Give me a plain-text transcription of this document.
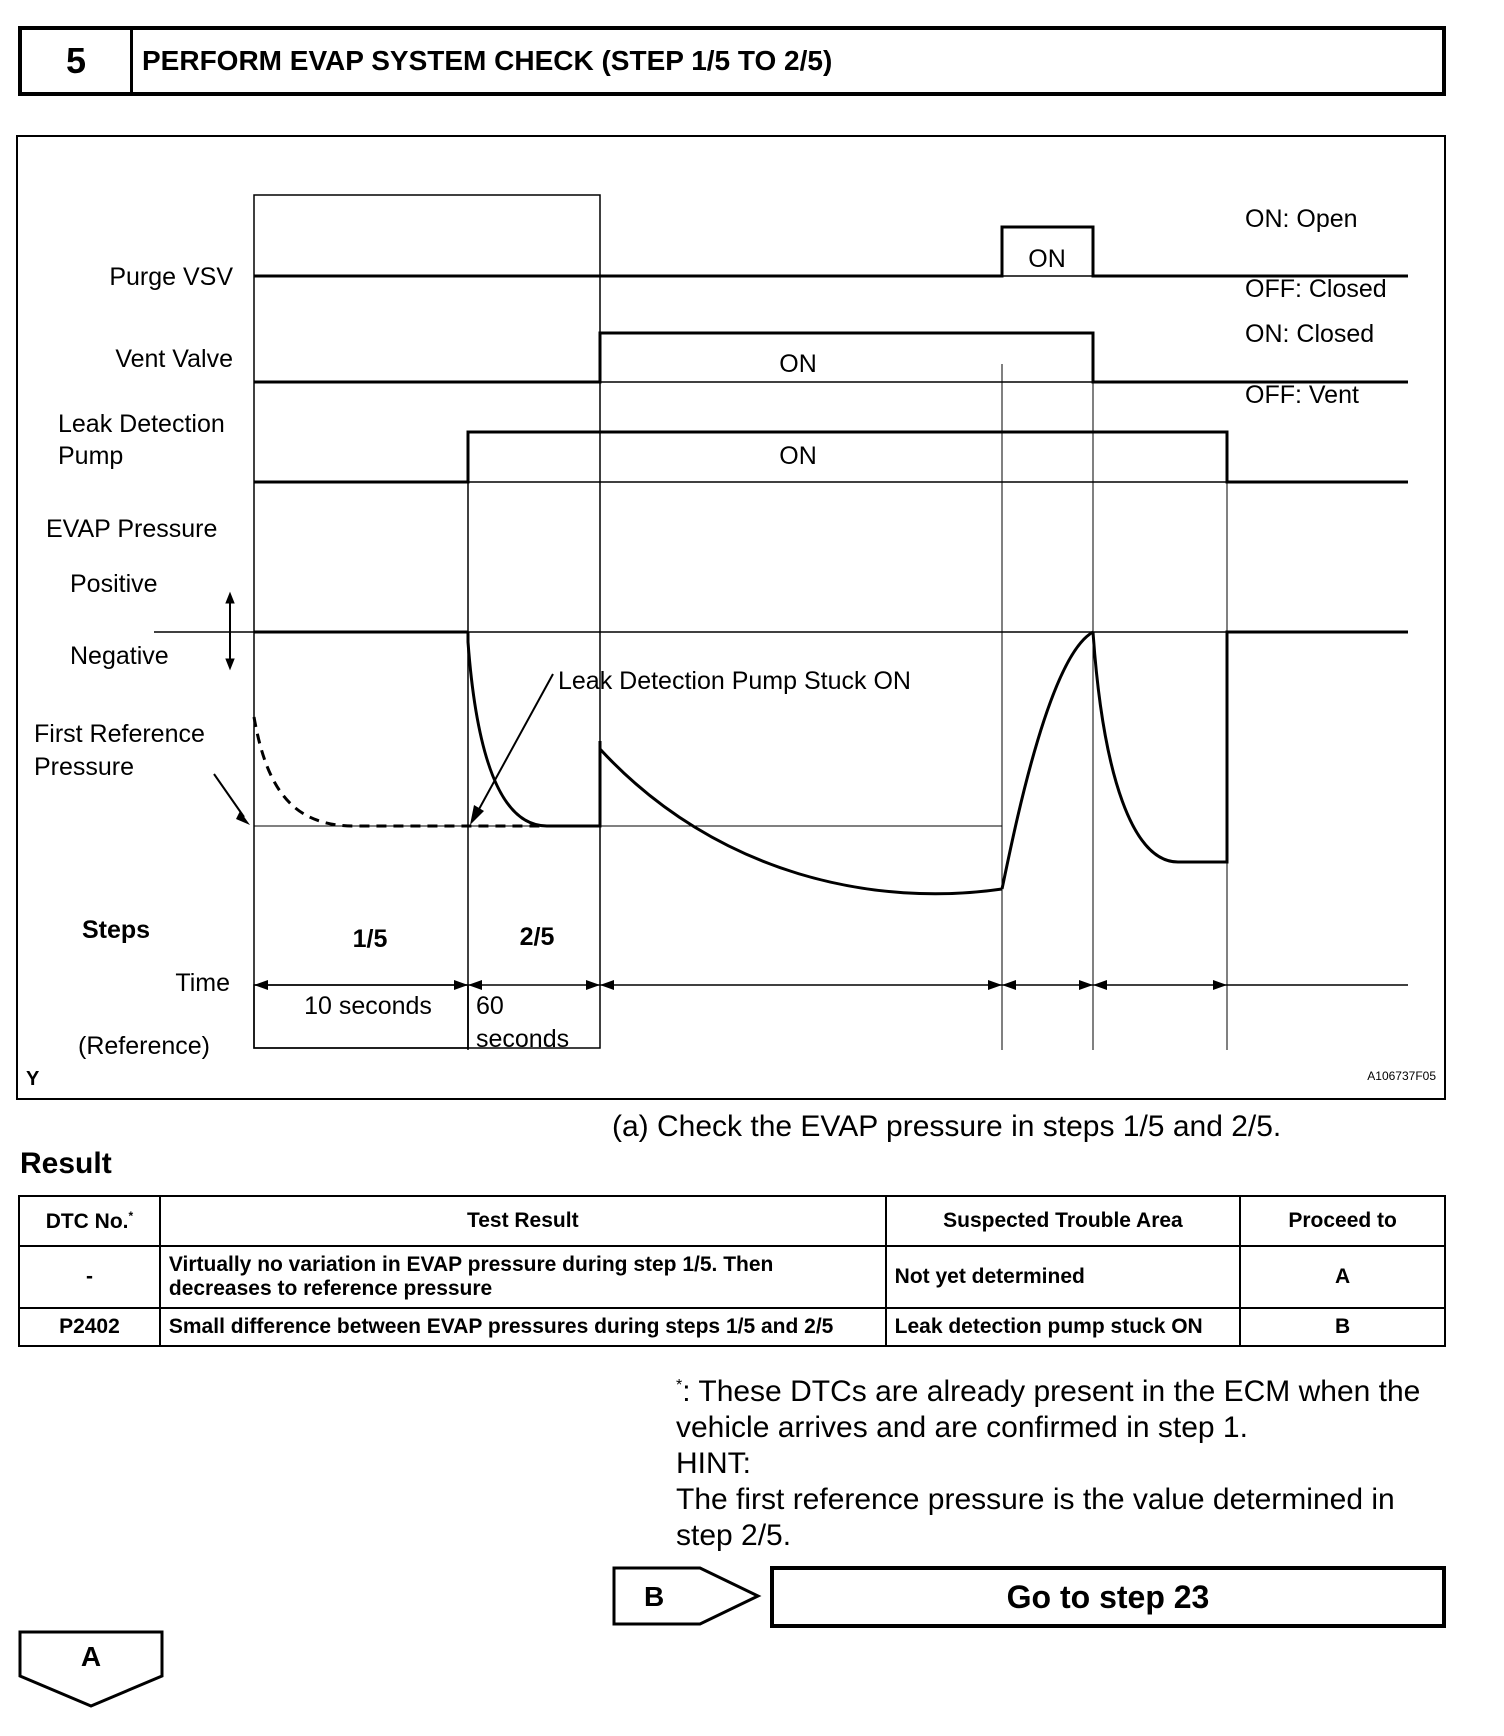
5	PERFORM EVAP SYSTEM CHECK (STEP 1/5 TO 2/5)
Purge VSV
Vent Valve
Leak Detection
Pump
EVAP Pressure
Positive
Negative
First Reference
Pressure
ON: Open
OFF: Closed
ON: Closed
OFF: Vent
ON
ON
ON
Leak Detection Pump Stuck ON
Steps
Time
(Reference)
1/5	2/5
10 seconds 60
seconds
Y	A106737F05
(a) Check the EVAP pressure in steps 1/5 and 2/5.
Result
DTC No.*	Test Result	Suspected Trouble Area	Proceed to
-	Virtually no variation in EVAP pressure during step 1/5. Then decreases to reference pressure	Not yet determined	A
P2402	Small difference between EVAP pressures during steps 1/5 and 2/5	Leak detection pump stuck ON	B

*: These DTCs are already present in the ECM when the vehicle arrives and are confirmed in step 1.

HINT:

The first reference pressure is the value determined in step 2/5.

B	Go to step 23
A
